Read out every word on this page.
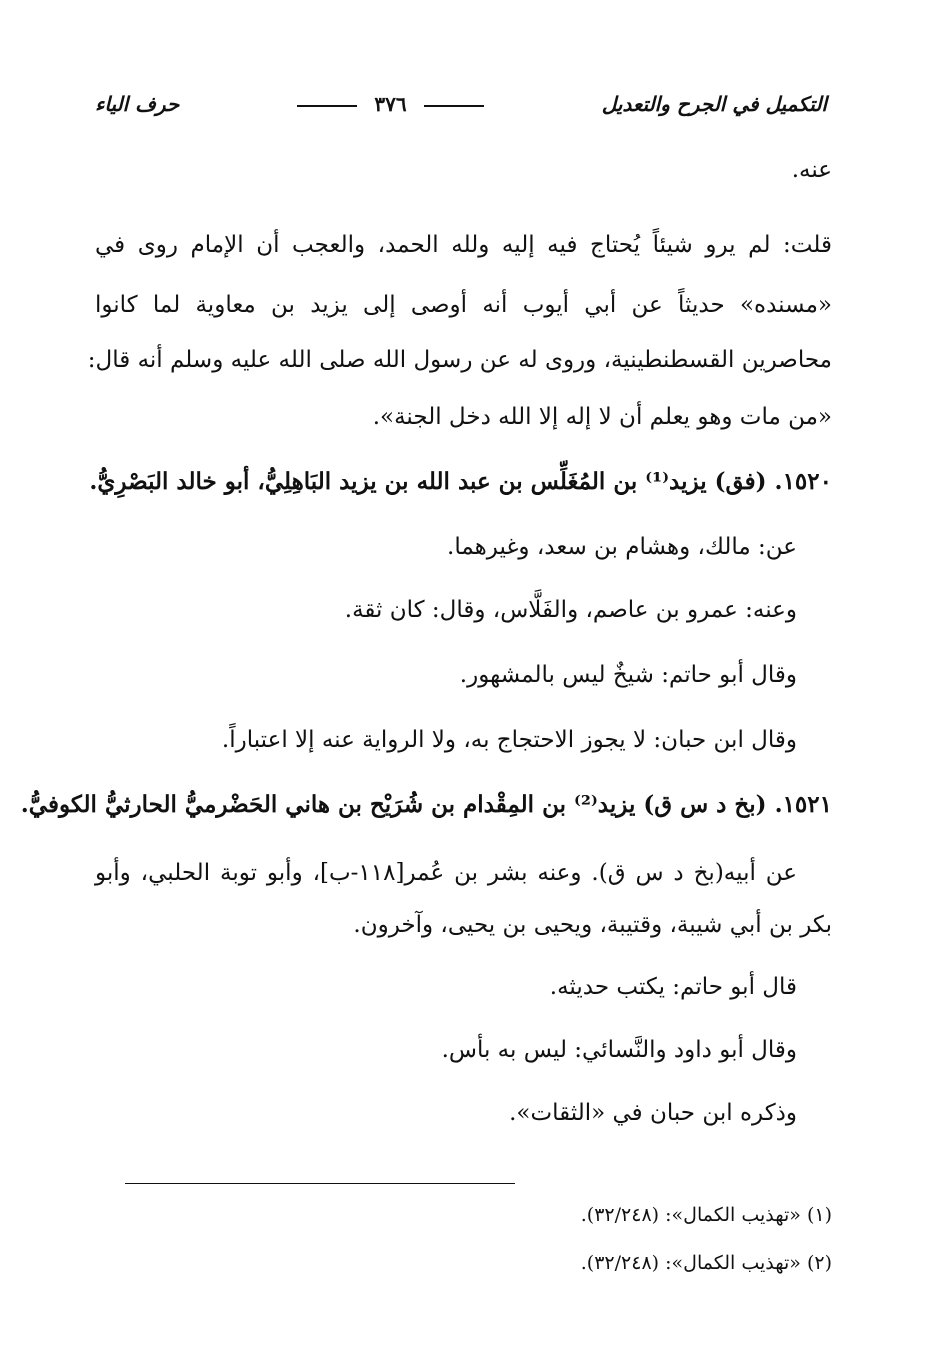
التكميل في الجرح والتعديل
٣٧٦
حرف الياء
عنه.
قلت: لم يرو شيئاً يُحتاج فيه إليه ولله الحمد، والعجب أن الإمام روى في
«مسنده» حديثاً عن أبي أيوب أنه أوصى إلى يزيد بن معاوية لما كانوا
محاصرين القسطنطينية، وروى له عن رسول الله صلى الله عليه وسلم أنه قال:
«من مات وهو يعلم أن لا إله إلا الله دخل الجنة».
١٥٢٠. (فق) يزيد⁽¹⁾ بن المُغَلِّس بن عبد الله بن يزيد البَاهِلِيُّ، أبو خالد البَصْرِيُّ.
عن: مالك، وهشام بن سعد، وغيرهما.
وعنه: عمرو بن عاصم، والفَلَّاس، وقال: كان ثقة.
وقال أبو حاتم: شيخٌ ليس بالمشهور.
وقال ابن حبان: لا يجوز الاحتجاج به، ولا الرواية عنه إلا اعتباراً.
١٥٢١. (بخ د س ق) يزيد⁽²⁾ بن المِقْدام بن شُرَيْح بن هاني الحَضْرميُّ الحارثيُّ الكوفيُّ.
عن أبيه(بخ د س ق). وعنه بشر بن عُمر[١١٨-ب]، وأبو توبة الحلبي، وأبو
بكر بن أبي شيبة، وقتيبة، ويحيى بن يحيى، وآخرون.
قال أبو حاتم: يكتب حديثه.
وقال أبو داود والنَّسائي: ليس به بأس.
وذكره ابن حبان في «الثقات».
(١) «تهذيب الكمال»: (٣٢/٢٤٨).
(٢) «تهذيب الكمال»: (٣٢/٢٤٨).
